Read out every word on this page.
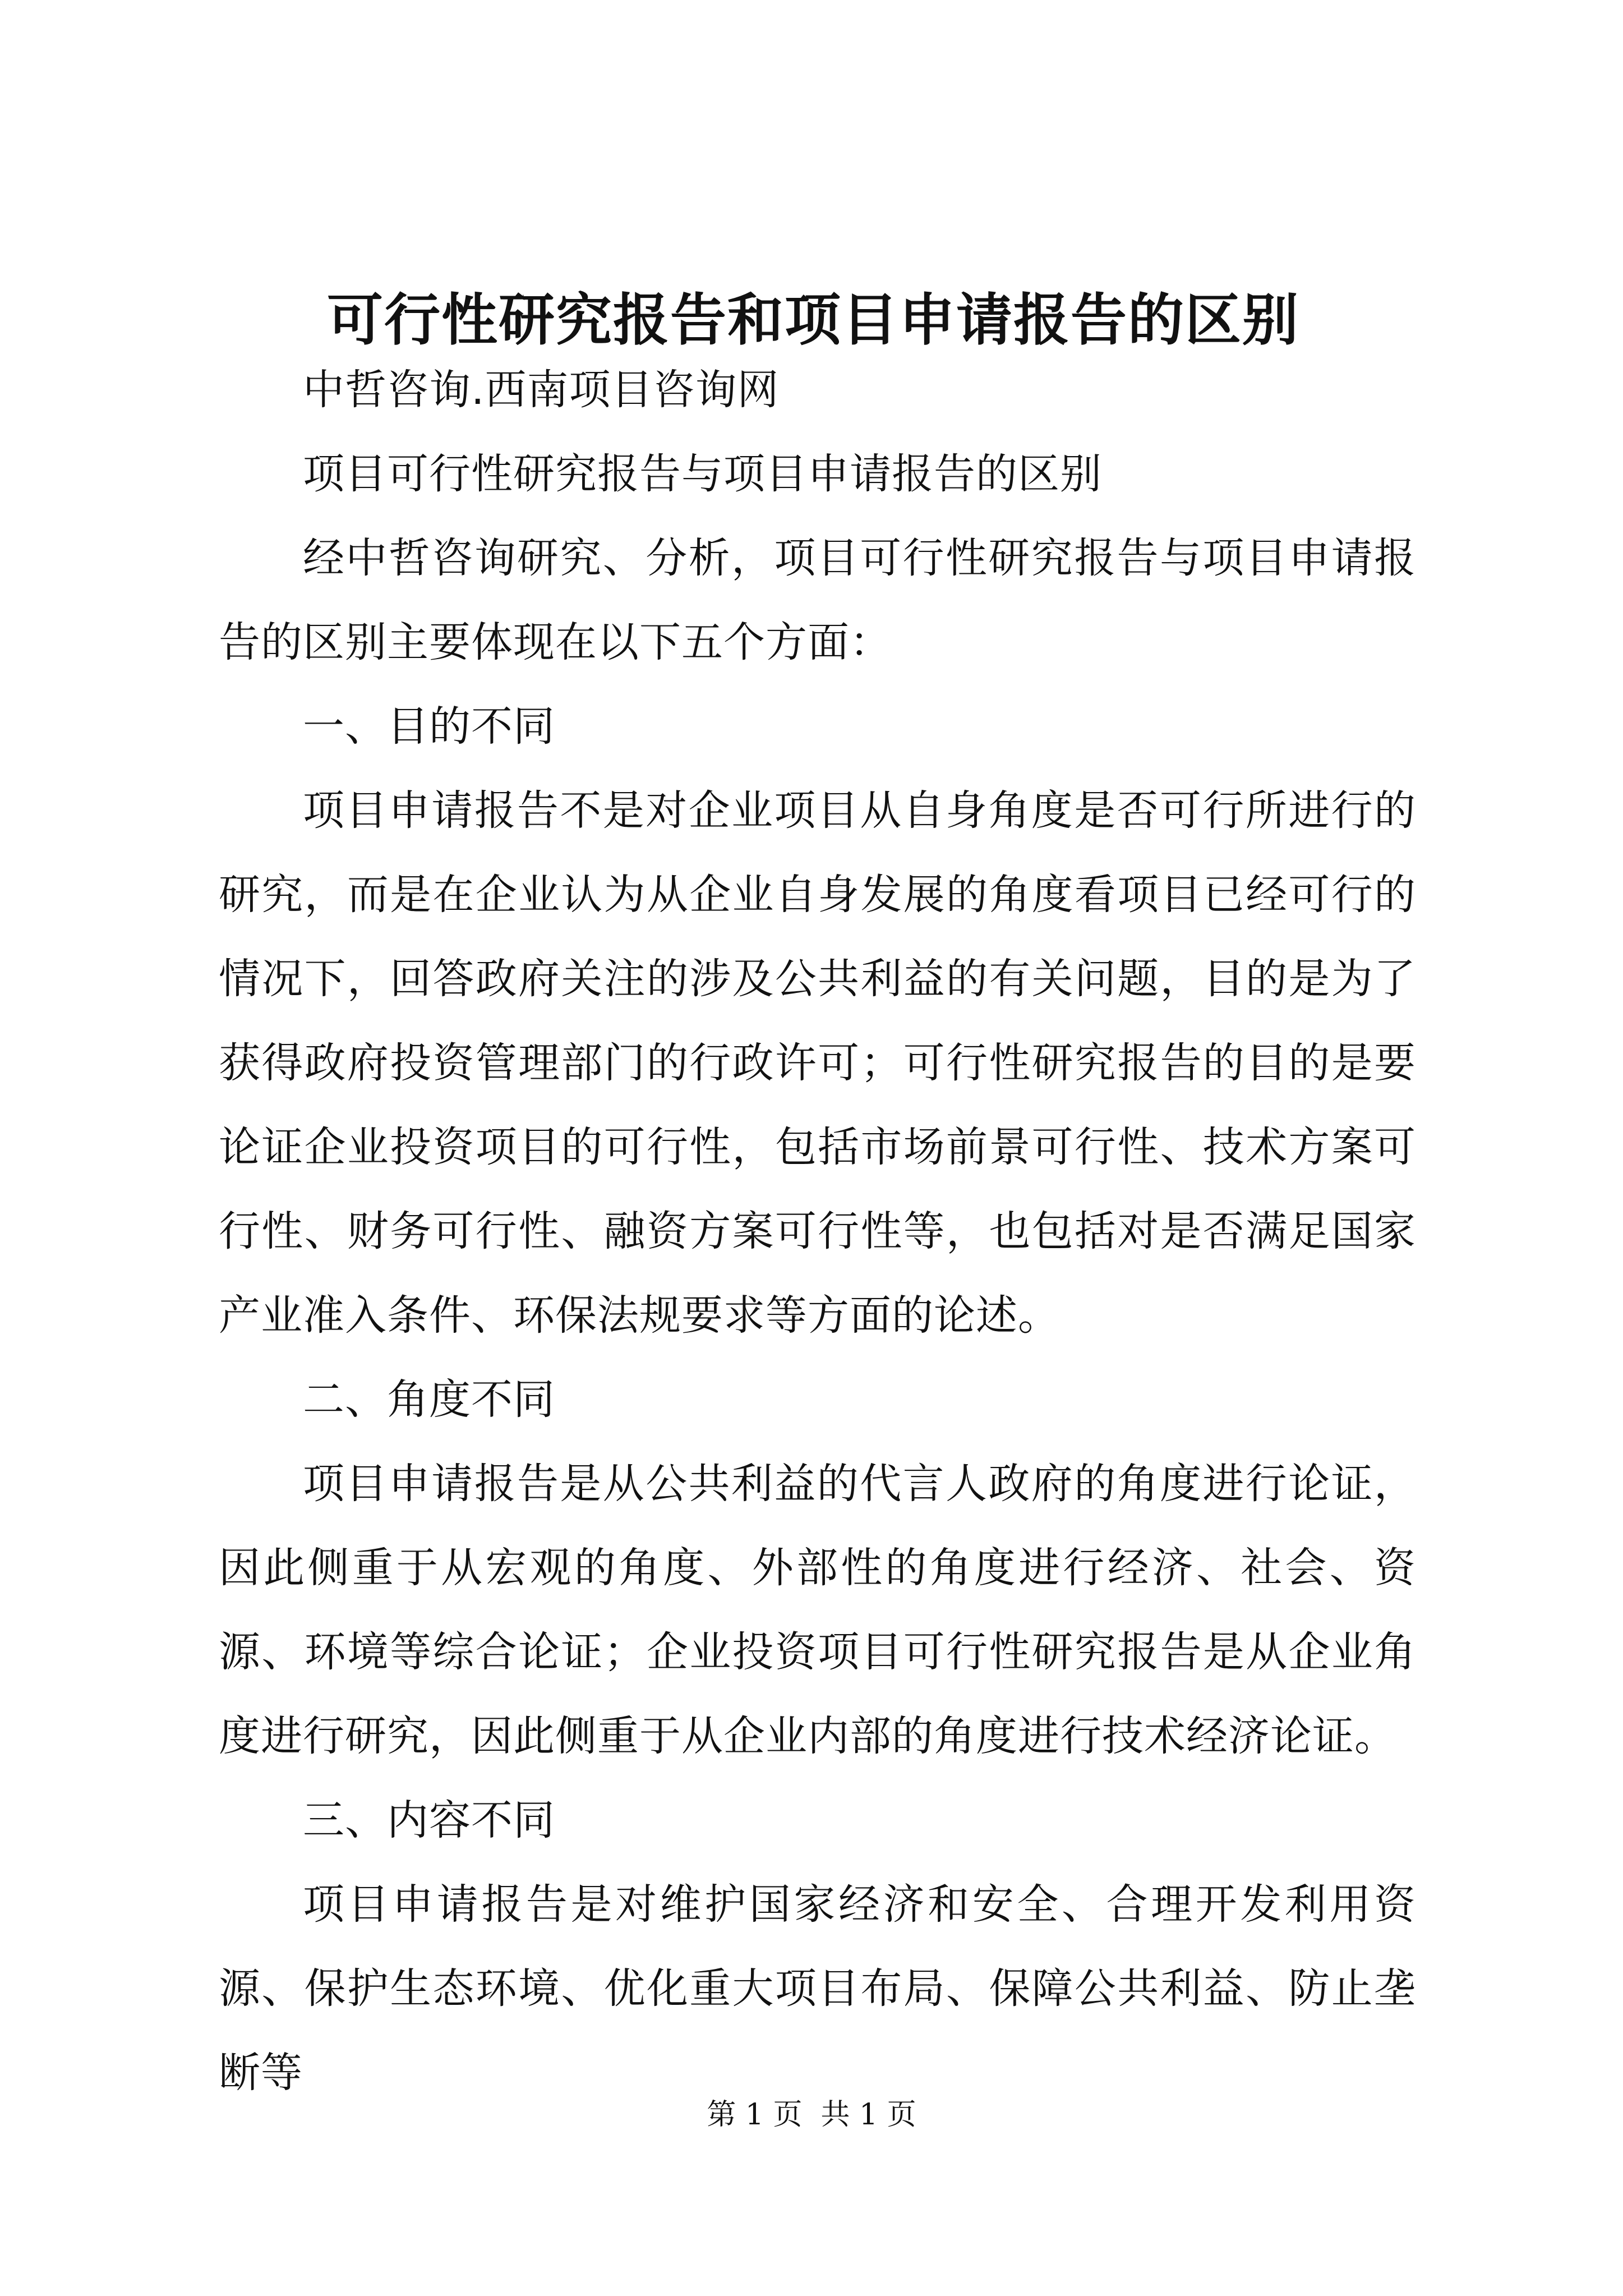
可行性研究报告和项目申请报告的区别

中哲咨询.西南项目咨询网

项目可行性研究报告与项目申请报告的区别

经中哲咨询研究、分析，项目可行性研究报告与项目申请报告的区别主要体现在以下五个方面：

一、目的不同

项目申请报告不是对企业项目从自身角度是否可行所进行的研究，而是在企业认为从企业自身发展的角度看项目已经可行的情况下，回答政府关注的涉及公共利益的有关问题，目的是为了获得政府投资管理部门的行政许可；可行性研究报告的目的是要论证企业投资项目的可行性，包括市场前景可行性、技术方案可行性、财务可行性、融资方案可行性等，也包括对是否满足国家产业准入条件、环保法规要求等方面的论述。

二、角度不同

项目申请报告是从公共利益的代言人政府的角度进行论证，因此侧重于从宏观的角度、外部性的角度进行经济、社会、资源、环境等综合论证；企业投资项目可行性研究报告是从企业角度进行研究，因此侧重于从企业内部的角度进行技术经济论证。

三、内容不同

项目申请报告是对维护国家经济和安全、合理开发利用资源、保护生态环境、优化重大项目布局、保障公共利益、防止垄断等

第 1 页  共 1 页
